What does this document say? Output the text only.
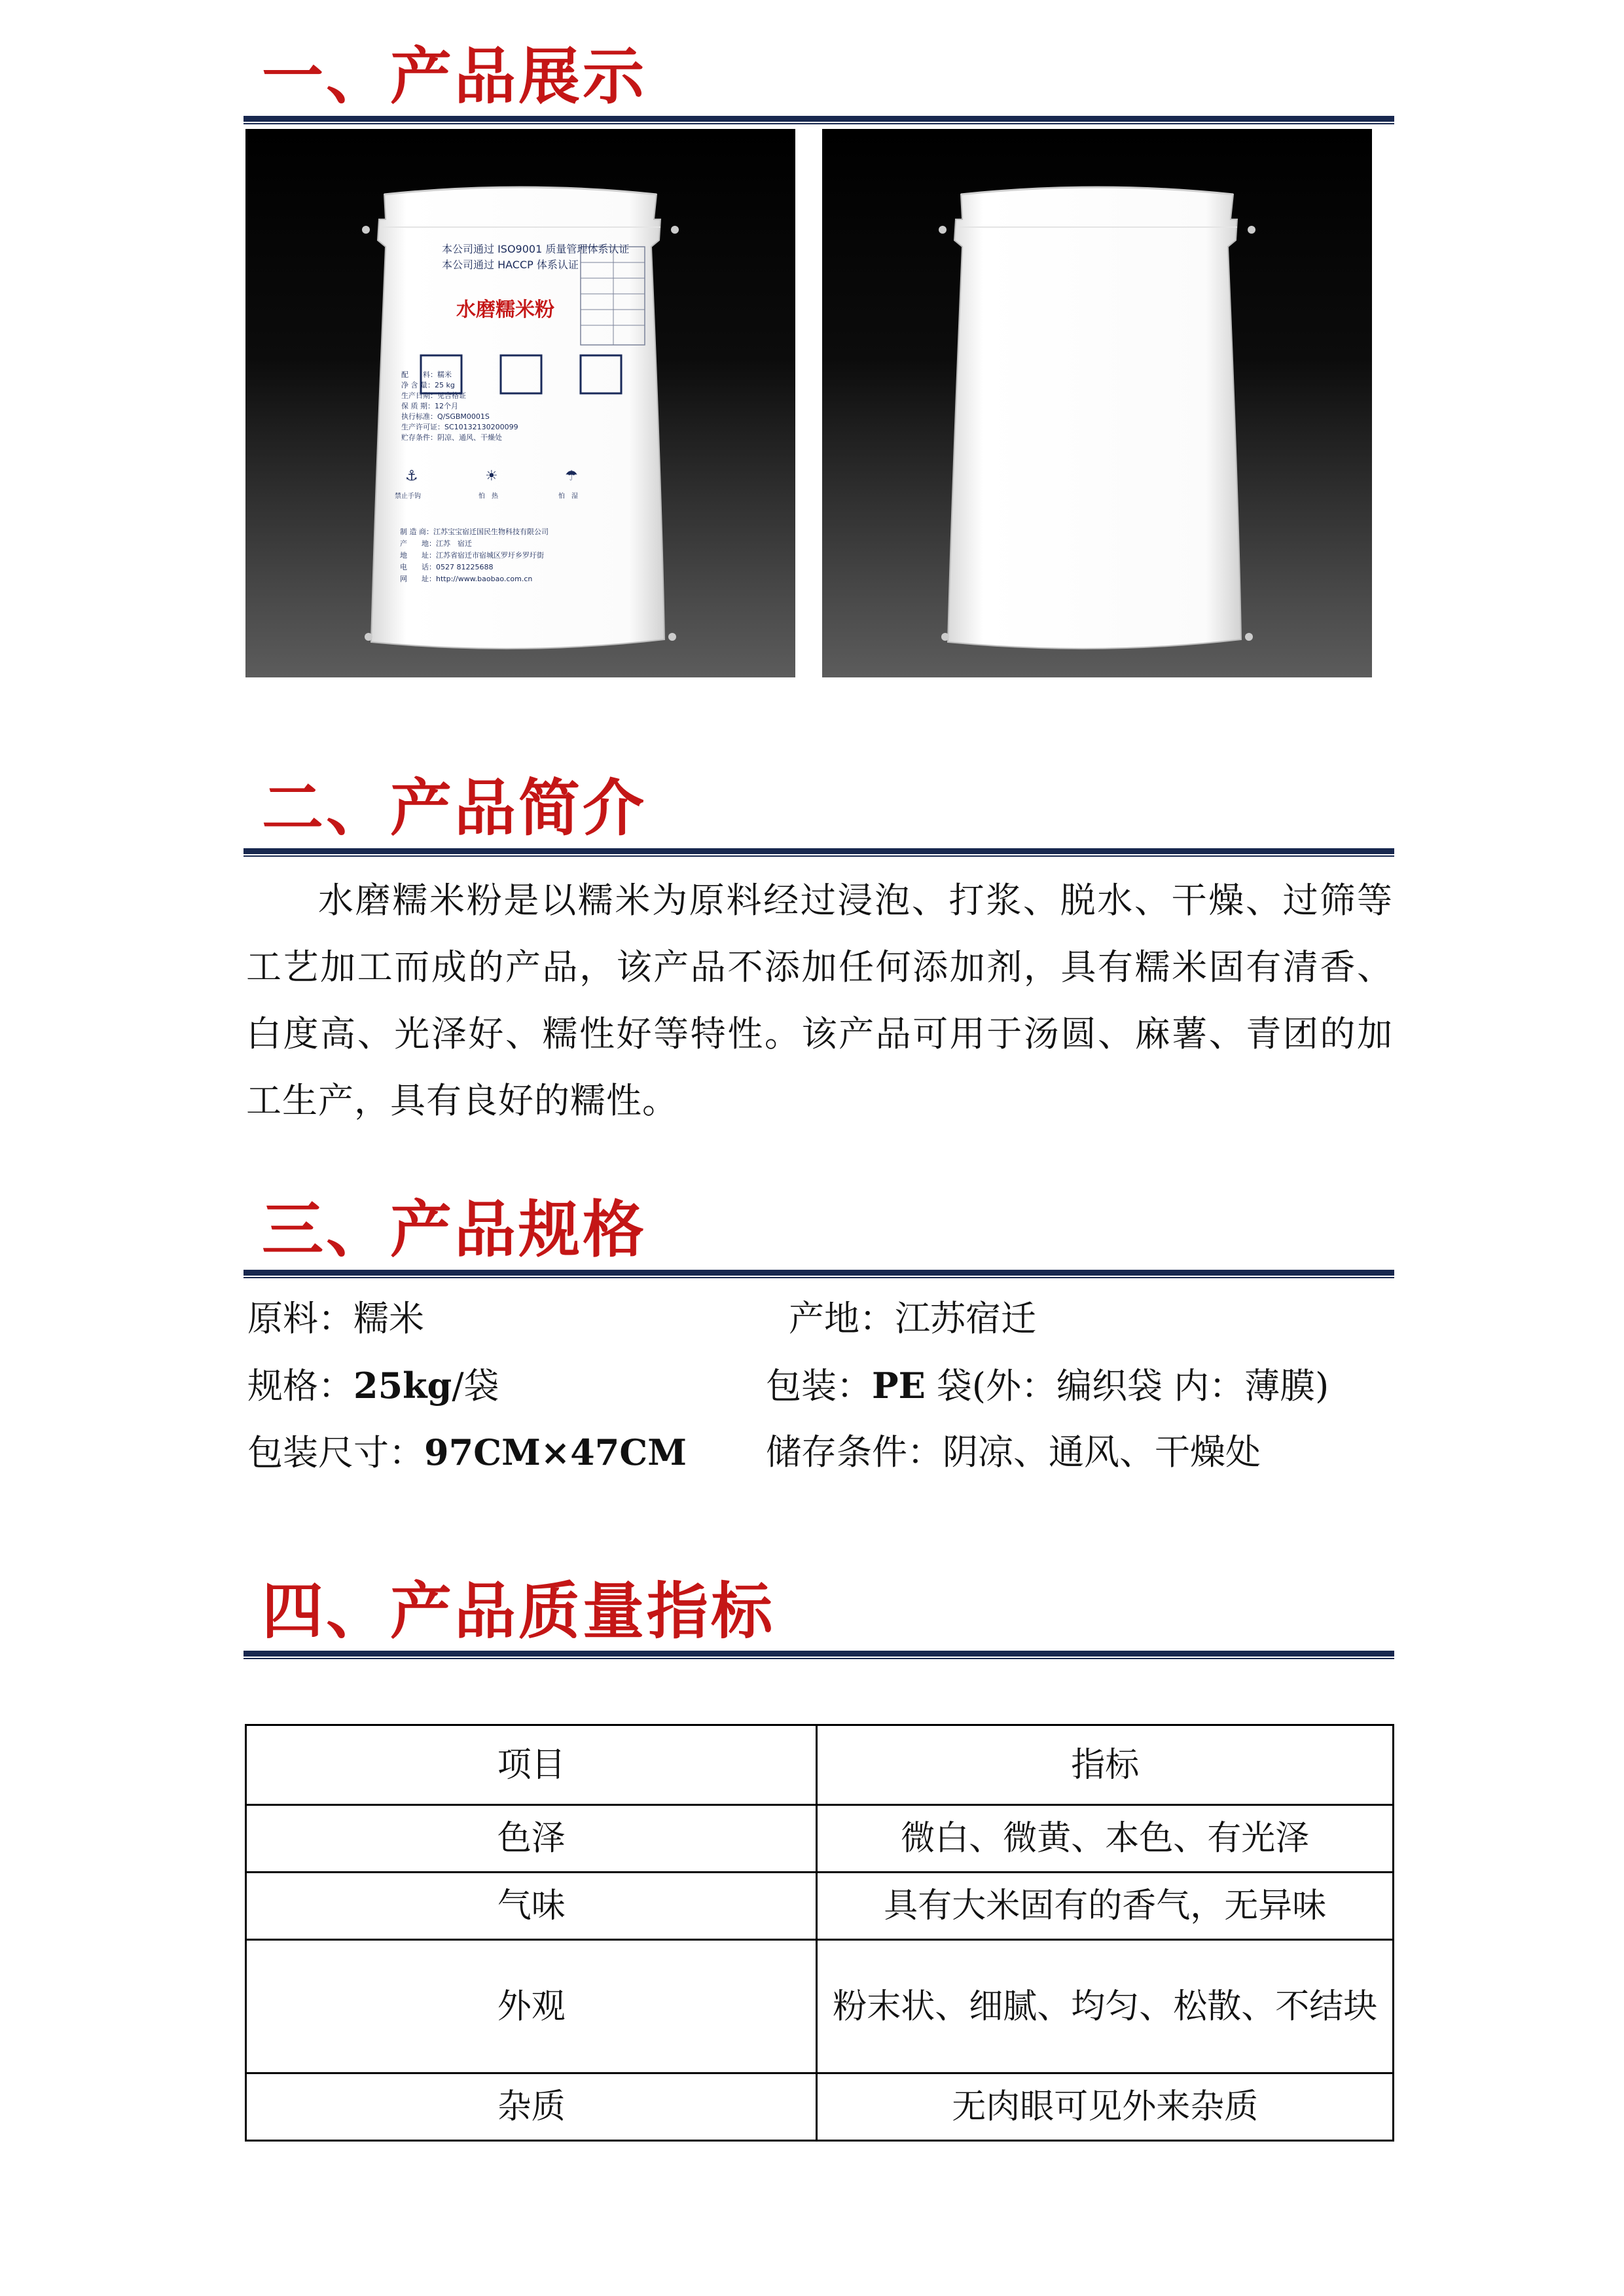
一、产品展示
本公司通过 ISO9001 质量管理体系认证
本公司通过 HACCP 体系认证
水磨糯米粉
配　　料：糯米
净 含 量：25 kg
生产日期：见合格证
保 质 期：12个月
执行标准：Q/SGBM0001S
生产许可证：SC10132130200099
贮存条件：阴凉、通风、干燥处
⚓	☀	☂
禁止手钩	怕　热	怕　湿
制 造 商：江苏宝宝宿迁国民生物科技有限公司
产　　地：江苏　宿迁
地　　址：江苏省宿迁市宿城区罗圩乡罗圩街
电　　话：0527 81225688
网　　址：http://www.baobao.com.cn
二、产品简介

水磨糯米粉是以糯米为原料经过浸泡、打浆、脱水、干燥、过筛等工艺加工而成的产品，该产品不添加任何添加剂，具有糯米固有清香、白度高、光泽好、糯性好等特性。该产品可用于汤圆、麻薯、青团的加工生产，具有良好的糯性。

三、产品规格
原料：糯米	产地：江苏宿迁
规格：25kg/袋	包装：PE 袋(外：编织袋 内：薄膜)
包装尺寸：97CM×47CM 储存条件：阴凉、通风、干燥处
四、产品质量指标
项目	指标
色泽	微白、微黄、本色、有光泽
气味	具有大米固有的香气，无异味
外观	粉末状、细腻、均匀、松散、不结块
杂质	无肉眼可见外来杂质
